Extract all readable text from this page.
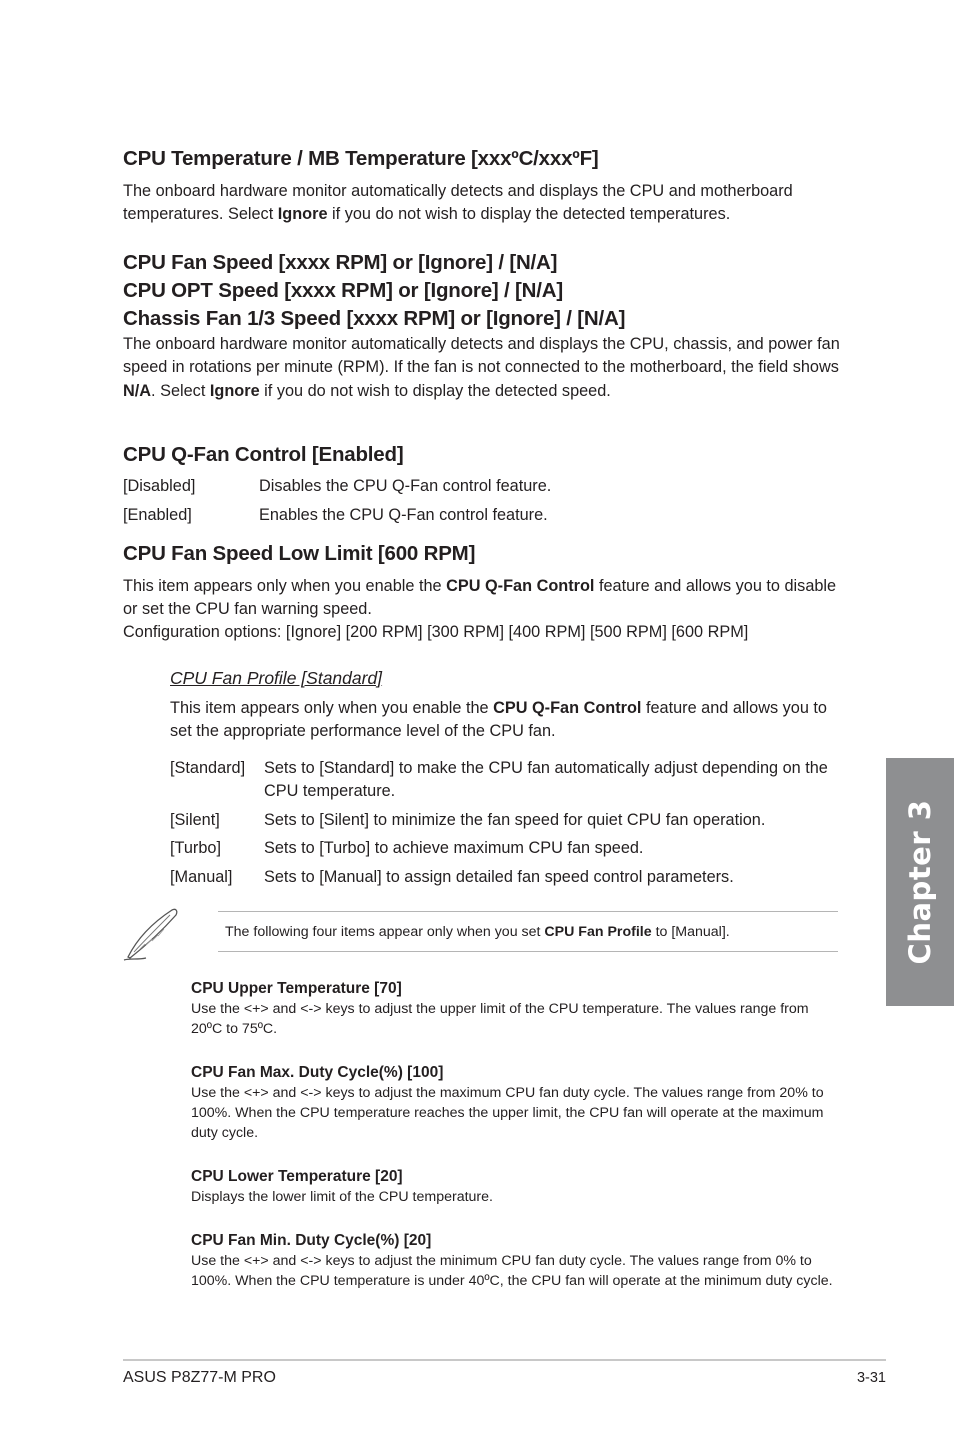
CPU Temperature / MB Temperature [xxxºC/xxxºF]

The onboard hardware monitor automatically detects and displays the CPU and motherboard temperatures. Select Ignore if you do not wish to display the detected temperatures.

CPU Fan Speed [xxxx RPM] or [Ignore] / [N/A]
CPU OPT Speed [xxxx RPM] or [Ignore] / [N/A]
Chassis Fan 1/3 Speed [xxxx RPM] or [Ignore] / [N/A]

The onboard hardware monitor automatically detects and displays the CPU, chassis, and power fan speed in rotations per minute (RPM). If the fan is not connected to the motherboard, the field shows N/A. Select Ignore if you do not wish to display the detected speed.

CPU Q-Fan Control [Enabled]
[Disabled]	Disables the CPU Q-Fan control feature.
[Enabled]	Enables the CPU Q-Fan control feature.
CPU Fan Speed Low Limit [600 RPM]

This item appears only when you enable the CPU Q-Fan Control feature and allows you to disable or set the CPU fan warning speed.

Configuration options: [Ignore] [200 RPM] [300 RPM] [400 RPM] [500 RPM] [600 RPM]

CPU Fan Profile [Standard]

This item appears only when you enable the CPU Q-Fan Control feature and allows you to set the appropriate performance level of the CPU fan.

[Standard] Sets to [Standard] to make the CPU fan automatically adjust depending on the CPU temperature.
[Silent]	Sets to [Silent] to minimize the fan speed for quiet CPU fan operation.
[Turbo]	Sets to [Turbo] to achieve maximum CPU fan speed.
[Manual] Sets to [Manual] to assign detailed fan speed control parameters.
The following four items appear only when you set CPU Fan Profile to [Manual].
CPU Upper Temperature [70]

Use the <+> and <-> keys to adjust the upper limit of the CPU temperature. The values range from 20ºC to 75ºC.

CPU Fan Max. Duty Cycle(%) [100]

Use the <+> and <-> keys to adjust the maximum CPU fan duty cycle. The values range from 20% to 100%. When the CPU temperature reaches the upper limit, the CPU fan will operate at the maximum duty cycle.

CPU Lower Temperature [20]

Displays the lower limit of the CPU temperature.

CPU Fan Min. Duty Cycle(%) [20]

Use the <+> and <-> keys to adjust the minimum CPU fan duty cycle. The values range from 0% to 100%. When the CPU temperature is under 40ºC, the CPU fan will operate at the minimum duty cycle.

Chapter 3
ASUS P8Z77-M PRO	3-31
